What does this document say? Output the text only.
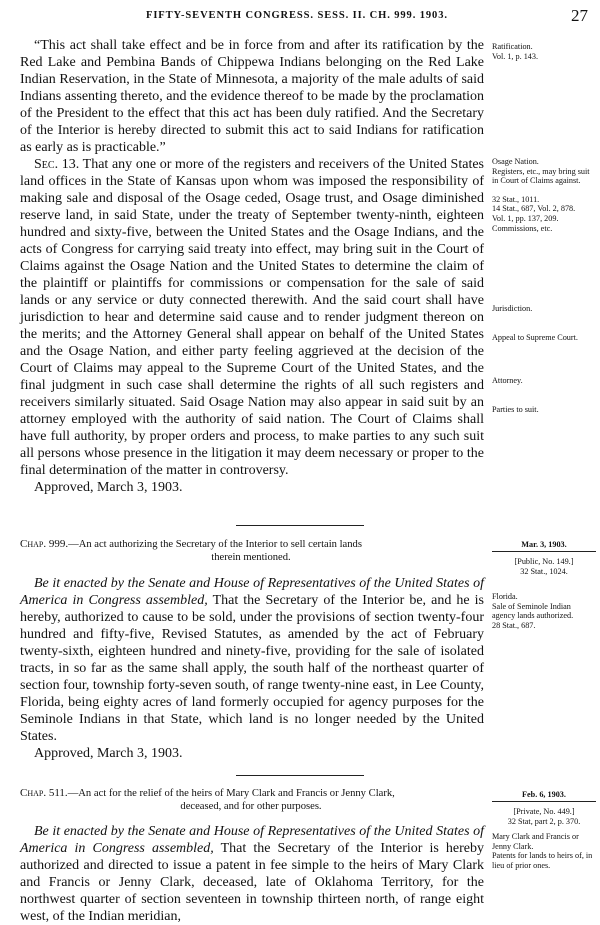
FIFTY-SEVENTH CONGRESS. SESS. II. CH. 999. 1903.	27

“This act shall take effect and be in force from and after its ratification by the Red Lake and Pembina Bands of Chippewa Indians belonging on the Red Lake Indian Reservation, in the State of Minnesota, a majority of the male adults of said Indians assenting thereto, and the evidence thereof to be made by the proclamation of the President to the effect that this act has been duly ratified. And the Secretary of the Interior is hereby directed to submit this act to said Indians for ratification as early as is practicable.”

Sec. 13. That any one or more of the registers and receivers of the United States land offices in the State of Kansas upon whom was imposed the responsibility of making sale and disposal of the Osage ceded, Osage trust, and Osage diminished reserve land, in said State, under the treaty of September twenty-ninth, eighteen hundred and sixty-five, between the United States and the Osage Indians, and the acts of Congress for carrying said treaty into effect, may bring suit in the Court of Claims against the Osage Nation and the United States to determine the claim of the plaintiff or plaintiffs for commissions or compensation for the sale of said lands or any service or duty connected therewith. And the said court shall have jurisdiction to hear and determine said cause and to render judgment thereon on the merits; and the Attorney General shall appear on behalf of the United States and the Osage Nation, and either party feeling aggrieved at the decision of the Court of Claims may appeal to the Supreme Court of the United States, and the final judgment in such case shall determine the rights of all such registers and receivers similarly situated. Said Osage Nation may also appear in said suit by an attorney employed with the authority of said nation. The Court of Claims shall have full authority, by proper orders and process, to make parties to any such suit all persons whose presence in the litigation it may deem necessary or proper to the final determination of the matter in controversy.

Approved, March 3, 1903.

Ratification.
Vol. 1, p. 143.
Osage Nation.
Registers, etc., may bring suit in Court of Claims against.
32 Stat., 1011.
14 Stat., 687, Vol. 2, 878.
Vol. 1, pp. 137, 209.
Commissions, etc.
Jurisdiction.
Appeal to Supreme Court.
Attorney.
Parties to suit.
Chap. 999.—An act authorizing the Secretary of the Interior to sell certain lands
therein mentioned.

Be it enacted by the Senate and House of Representatives of the United States of America in Congress assembled, That the Secretary of the Interior be, and he is hereby, authorized to cause to be sold, under the provisions of section twenty-four hundred and fifty-five, Revised Statutes, as amended by the act of February twenty-sixth, eighteen hundred and ninety-five, providing for the sale of isolated tracts, in so far as the same shall apply, the south half of the northeast quarter of section four, township forty-seven south, of range twenty-nine east, in Lee County, Florida, being eighty acres of land formerly occupied for agency purposes for the Seminole Indians in that State, which land is no longer needed by the United States.

Approved, March 3, 1903.

Mar. 3, 1903.
[Public, No. 149.]
32 Stat., 1024.
Florida.
Sale of Seminole Indian agency lands authorized.
28 Stat., 687.
Chap. 511.—An act for the relief of the heirs of Mary Clark and Francis or Jenny Clark,
deceased, and for other purposes.

Be it enacted by the Senate and House of Representatives of the United States of America in Congress assembled, That the Secretary of the Interior is hereby authorized and directed to issue a patent in fee simple to the heirs of Mary Clark and Francis or Jenny Clark, deceased, late of Oklahoma Territory, for the northwest quarter of section seventeen in township thirteen north, of range eight west, of the Indian meridian,

Feb. 6, 1903.
[Private, No. 449.]
32 Stat, part 2, p. 370.
Mary Clark and Francis or Jenny Clark.
Patents for lands to heirs of, in lieu of prior ones.
